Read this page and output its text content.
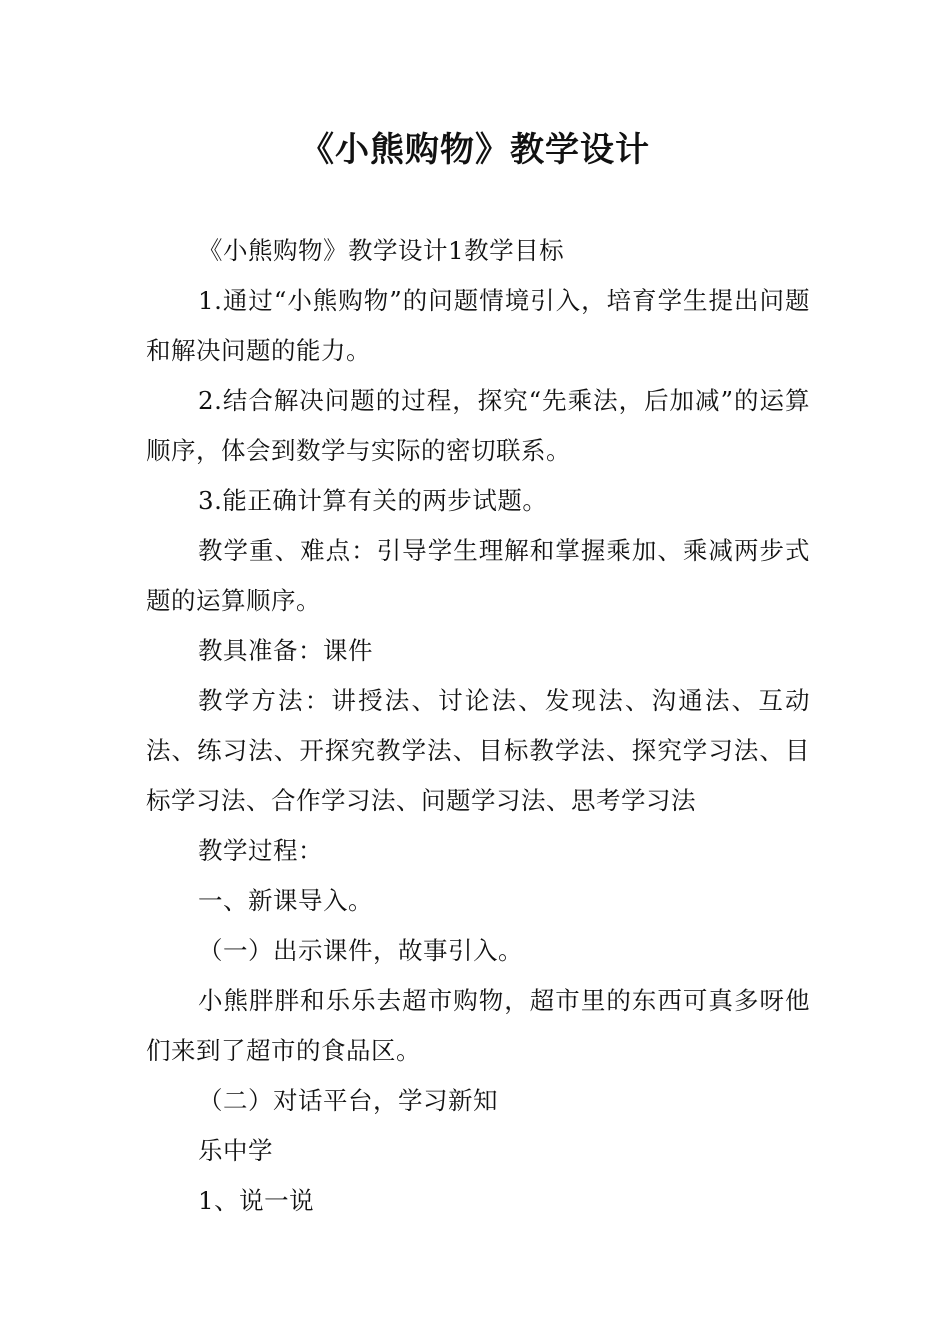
《小熊购物》教学设计

《小熊购物》教学设计1教学目标

1.通过“小熊购物”的问题情境引入，培育学生提出问题和解决问题的能力。

2.结合解决问题的过程，探究“先乘法，后加减”的运算顺序，体会到数学与实际的密切联系。

3.能正确计算有关的两步试题。

教学重、难点：引导学生理解和掌握乘加、乘减两步式题的运算顺序。

教具准备：课件

教学方法：讲授法、讨论法、发现法、沟通法、互动法、练习法、开探究教学法、目标教学法、探究学习法、目标学习法、合作学习法、问题学习法、思考学习法

教学过程：

一、新课导入。

（一）出示课件，故事引入。

小熊胖胖和乐乐去超市购物，超市里的东西可真多呀他们来到了超市的食品区。

（二）对话平台，学习新知

乐中学

1、说一说
